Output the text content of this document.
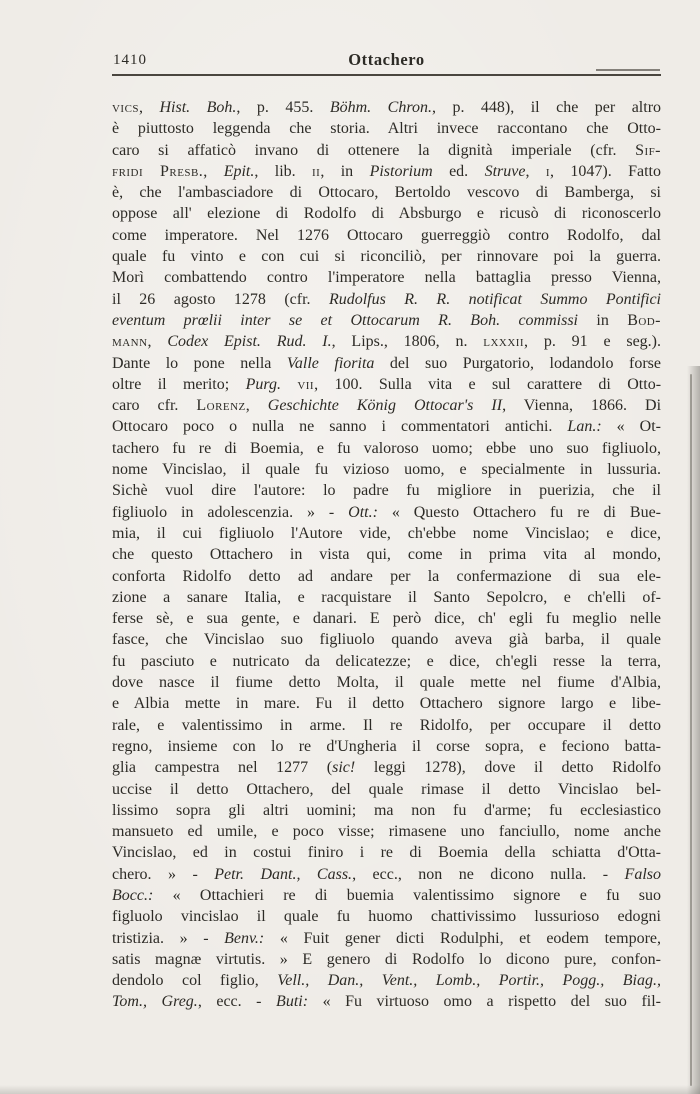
1410	Ottachero
vics, Hist. Boh., p. 455. Böhm. Chron., p. 448), il che per altro
è piuttosto leggenda che storia. Altri invece raccontano che Otto-
caro si affaticò invano di ottenere la dignità imperiale (cfr. Sif-
fridi Presb., Epit., lib. ii, in Pistorium ed. Struve, i, 1047). Fatto
è, che l'ambasciadore di Ottocaro, Bertoldo vescovo di Bamberga, si
oppose all' elezione di Rodolfo di Absburgo e ricusò di riconoscerlo
come imperatore. Nel 1276 Ottocaro guerreggiò contro Rodolfo, dal
quale fu vinto e con cui si riconciliò, per rinnovare poi la guerra.
Morì combattendo contro l'imperatore nella battaglia presso Vienna,
il 26 agosto 1278 (cfr. Rudolfus R. R. notificat Summo Pontifici
eventum prœlii inter se et Ottocarum R. Boh. commissi in Bod-
mann, Codex Epist. Rud. I., Lips., 1806, n. lxxxii, p. 91 e seg.).
Dante lo pone nella Valle fiorita del suo Purgatorio, lodandolo forse
oltre il merito; Purg. vii, 100. Sulla vita e sul carattere di Otto-
caro cfr. Lorenz, Geschichte König Ottocar's II, Vienna, 1866. Di
Ottocaro poco o nulla ne sanno i commentatori antichi. Lan.: « Ot-
tachero fu re di Boemia, e fu valoroso uomo; ebbe uno suo figliuolo,
nome Vincislao, il quale fu vizioso uomo, e specialmente in lussuria.
Sichè vuol dire l'autore: lo padre fu migliore in puerizia, che il
figliuolo in adolescenzia. » - Ott.: « Questo Ottachero fu re di Bue-
mia, il cui figliuolo l'Autore vide, ch'ebbe nome Vincislao; e dice,
che questo Ottachero in vista qui, come in prima vita al mondo,
conforta Ridolfo detto ad andare per la confermazione di sua ele-
zione a sanare Italia, e racquistare il Santo Sepolcro, e ch'elli of-
ferse sè, e sua gente, e danari. E però dice, ch' egli fu meglio nelle
fasce, che Vincislao suo figliuolo quando aveva già barba, il quale
fu pasciuto e nutricato da delicatezze; e dice, ch'egli resse la terra,
dove nasce il fiume detto Molta, il quale mette nel fiume d'Albia,
e Albia mette in mare. Fu il detto Ottachero signore largo e libe-
rale, e valentissimo in arme. Il re Ridolfo, per occupare il detto
regno, insieme con lo re d'Ungheria il corse sopra, e feciono batta-
glia campestra nel 1277 (sic! leggi 1278), dove il detto Ridolfo
uccise il detto Ottachero, del quale rimase il detto Vincislao bel-
lissimo sopra gli altri uomini; ma non fu d'arme; fu ecclesiastico
mansueto ed umile, e poco visse; rimasene uno fanciullo, nome anche
Vincislao, ed in costui finiro i re di Boemia della schiatta d'Otta-
chero. » - Petr. Dant., Cass., ecc., non ne dicono nulla. - Falso
Bocc.: « Ottachieri re di buemia valentissimo signore e fu suo
figluolo vincislao il quale fu huomo chattivissimo lussurioso edogni
tristizia. » - Benv.: « Fuit gener dicti Rodulphi, et eodem tempore,
satis magnæ virtutis. » E genero di Rodolfo lo dicono pure, confon-
dendolo col figlio, Vell., Dan., Vent., Lomb., Portir., Pogg., Biag.,
Tom., Greg., ecc. - Buti: « Fu virtuoso omo a rispetto del suo fil-
